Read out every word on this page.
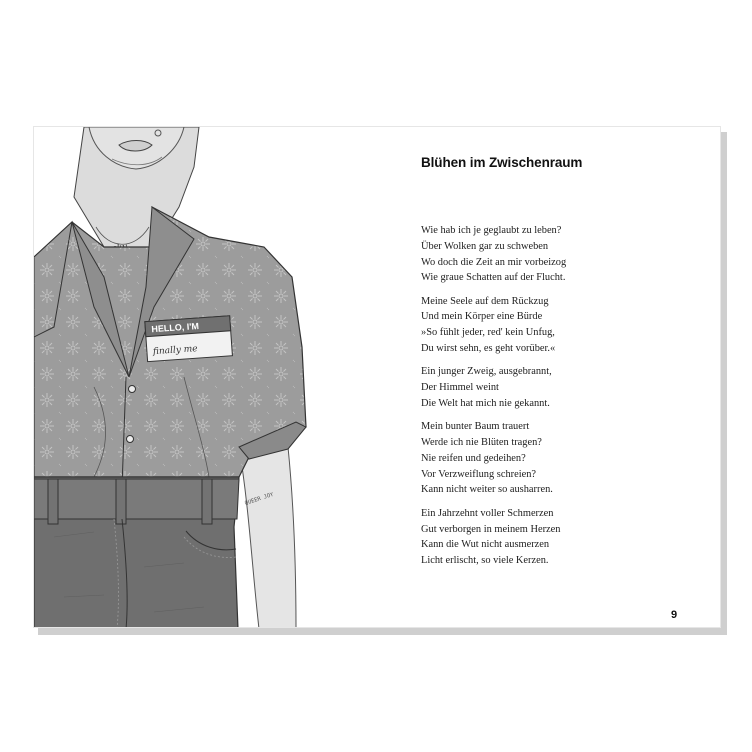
HELLO, I'M
finally me
QUEER JOY
Blühen im Zwischenraum
Wie hab ich je geglaubt zu leben?
Über Wolken gar zu schweben
Wo doch die Zeit an mir vorbeizog
Wie graue Schatten auf der Flucht.
Meine Seele auf dem Rückzug
Und mein Körper eine Bürde
»So fühlt jeder, red' kein Unfug,
Du wirst sehn, es geht vorüber.«
Ein junger Zweig, ausgebrannt,
Der Himmel weint
Die Welt hat mich nie gekannt.
Mein bunter Baum trauert
Werde ich nie Blüten tragen?
Nie reifen und gedeihen?
Vor Verzweiflung schreien?
Kann nicht weiter so ausharren.
Ein Jahrzehnt voller Schmerzen
Gut verborgen in meinem Herzen
Kann die Wut nicht ausmerzen
Licht erlischt, so viele Kerzen.
9
